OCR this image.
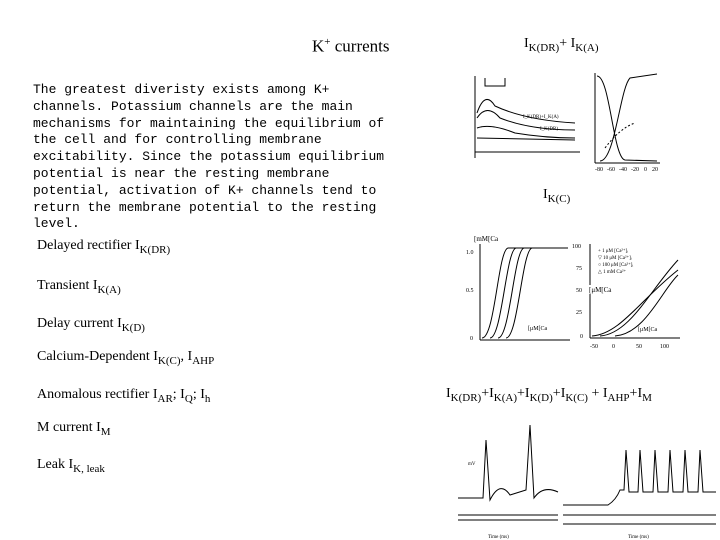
K+ currents
The greatest diveristy exists among K+ channels. Potassium channels are the main mechanisms for maintaining the equilibrium of the cell and for controlling membrane excitability. Since the potassium equilibrium potential is near the resting membrane potential, activation of K+ channels tend to return the membrane potential to the resting level.
Delayed rectifier $I_{K(DR)}$
Transient $I_{K(A)}$
Delay current $I_{K(D)}$
Calcium-Dependent $I_{K(C)}$, $I_{AHP}$
Anomalous rectifier $I_{AR}$; $I_Q$; $I_h$
M current $I_M$
Leak $I_{K, leak}$
$I_{K(DR)}+ I_{K(A)}$
I_K(DR)+I_K(A)
I_K(DR)
-80 -60 -40 -20 0 20
$I_{K(C)}$
[mM[Ca
1.0
0.5
0
[μM[Ca
100
75
50
25
0
-50 0	50	100
+ 1 μM [Ca²⁺]ᵢ
▽ 10 μM [Ca²⁺]ᵢ
○ 100 μM [Ca²⁺]ᵢ
△ 1 mM Ca²⁺
[μM[Ca
[μM[Ca
$I_{K(DR)}+I_{K(A)}+I_{K(D)}+I_{K(C)} + I_{AHP}+I_M$
mV
Time (ms)	Time (ms)
